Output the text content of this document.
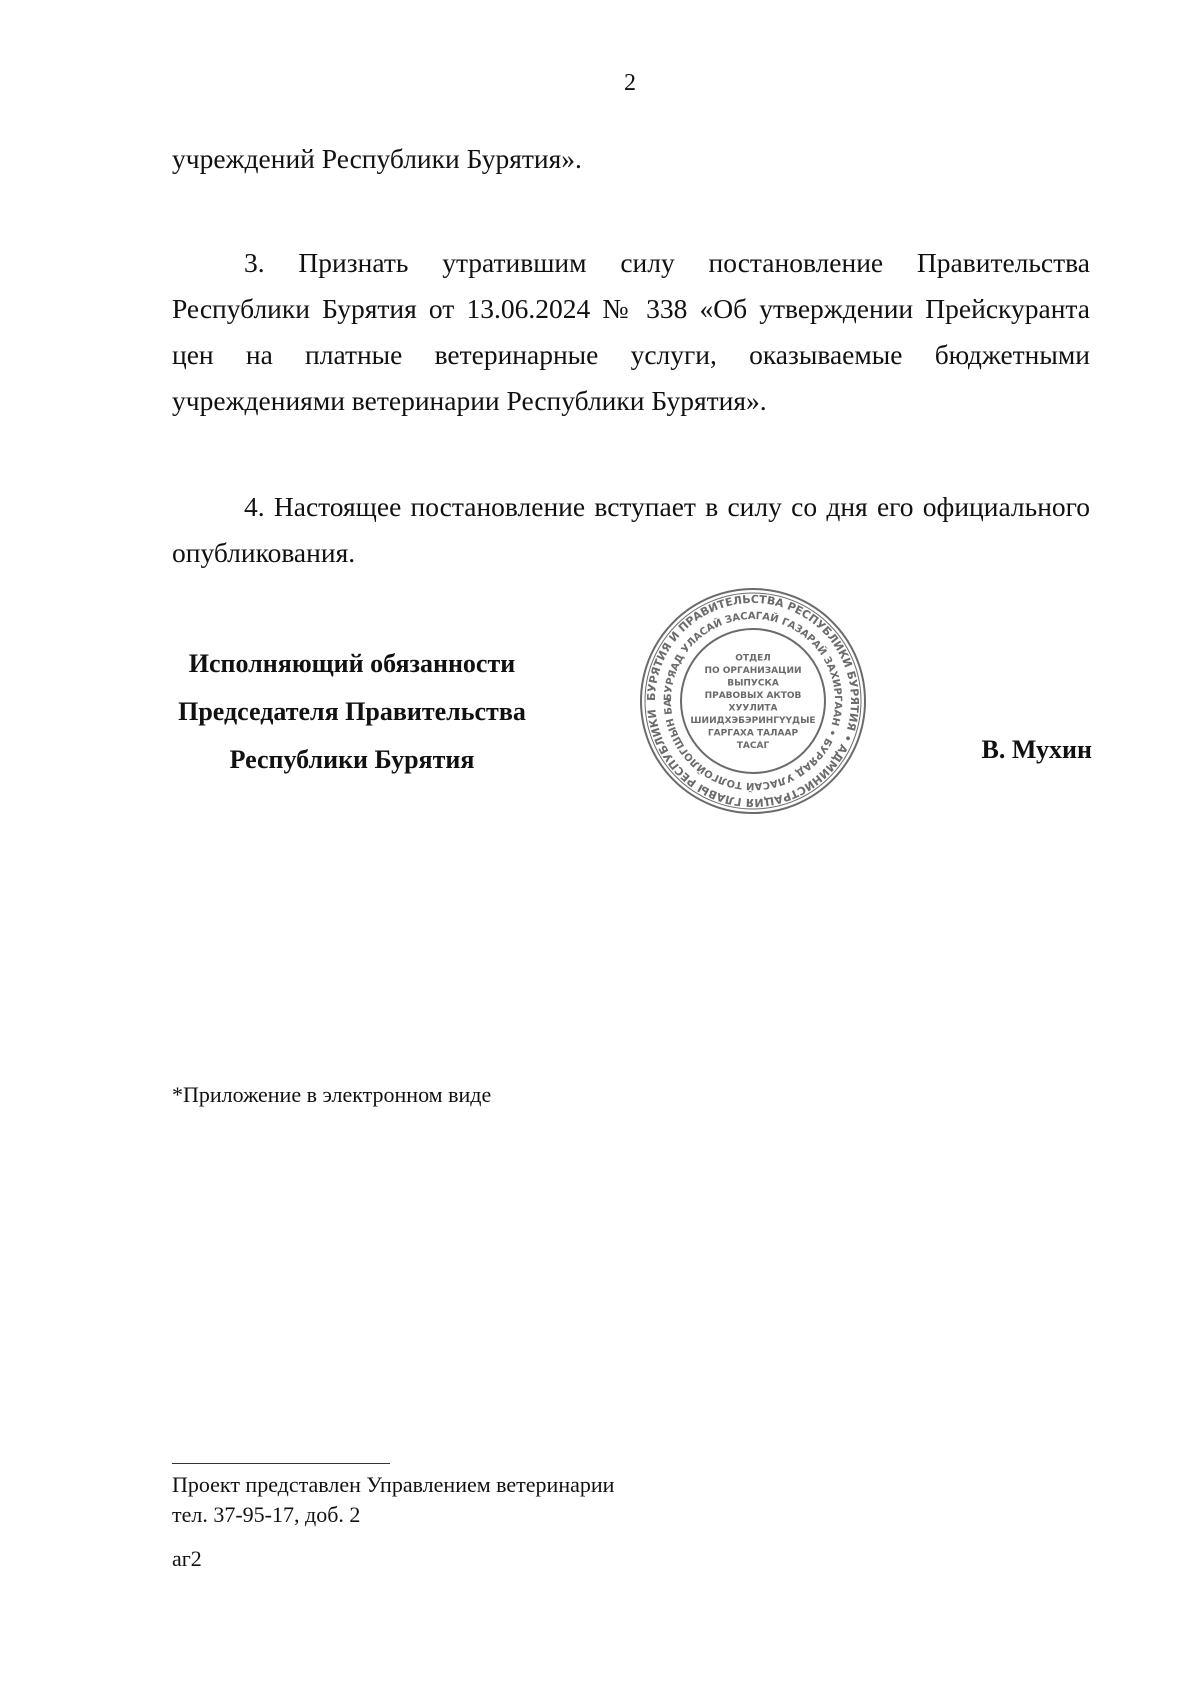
2
учреждений Республики Бурятия».
3. Признать утратившим силу постановление Правительства Республики Бурятия от 13.06.2024 № 338 «Об утверждении Прейскуранта цен на платные ветеринарные услуги, оказываемые бюджетными учреждениями ветеринарии Республики Бурятия».
4. Настоящее постановление вступает в силу со дня его официального опубликования.
Исполняющий обязанности
Председателя Правительства
Республики Бурятия
БУРЯТИЯ И ПРАВИТЕЛЬСТВА РЕСПУБЛИКИ БУРЯТИЯ • АДМИНИСТРАЦИЯ ГЛАВЫ РЕСПУБЛИКИ
БУРЯАД УЛАСАЙ ЗАСАГАЙ ГАЗАРАЙ ЗАХИРГААН • БУРЯАД УЛАСАЙ ТОЛГОЙЛОГШЫН БА
ОТДЕЛ
ПО ОРГАНИЗАЦИИ
ВЫПУСКА
ПРАВОВЫХ АКТОВ
ХУУЛИТА
ШИИДХЭБЭРИНГҮҮДЫЕ
ГАРГАХА ТАЛААР
ТАСАГ	В. Мухин
*Приложение в электронном виде
Проект представлен Управлением ветеринарии
тел. 37-95-17, доб. 2
аг2
